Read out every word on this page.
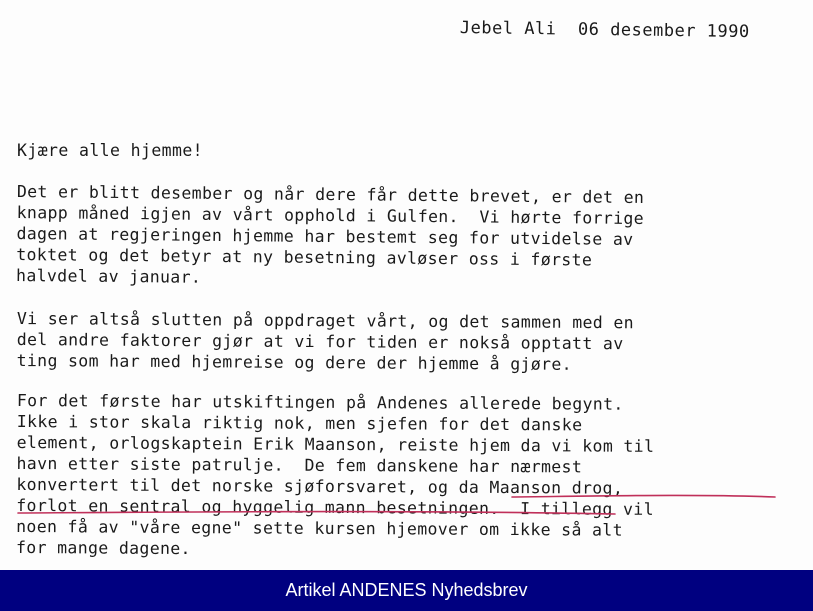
Jebel Ali  06 desember 1990
Kjære alle hjemme!
Det er blitt desember og når dere får dette brevet, er det en
knapp måned igjen av vårt opphold i Gulfen.  Vi hørte forrige
dagen at regjeringen hjemme har bestemt seg for utvidelse av
toktet og det betyr at ny besetning avløser oss i første
halvdel av januar.
Vi ser altså slutten på oppdraget vårt, og det sammen med en
del andre faktorer gjør at vi for tiden er nokså opptatt av
ting som har med hjemreise og dere der hjemme å gjøre.
For det første har utskiftingen på Andenes allerede begynt.
Ikke i stor skala riktig nok, men sjefen for det danske
element, orlogskaptein Erik Maanson, reiste hjem da vi kom til
havn etter siste patrulje.  De fem danskene har nærmest
konvertert til det norske sjøforsvaret, og da Maanson drog,
forlot en sentral og hyggelig mann besetningen.  I tillegg vil
noen få av "våre egne" sette kursen hjemover om ikke så alt
for mange dagene.
Artikel ANDENES Nyhedsbrev
